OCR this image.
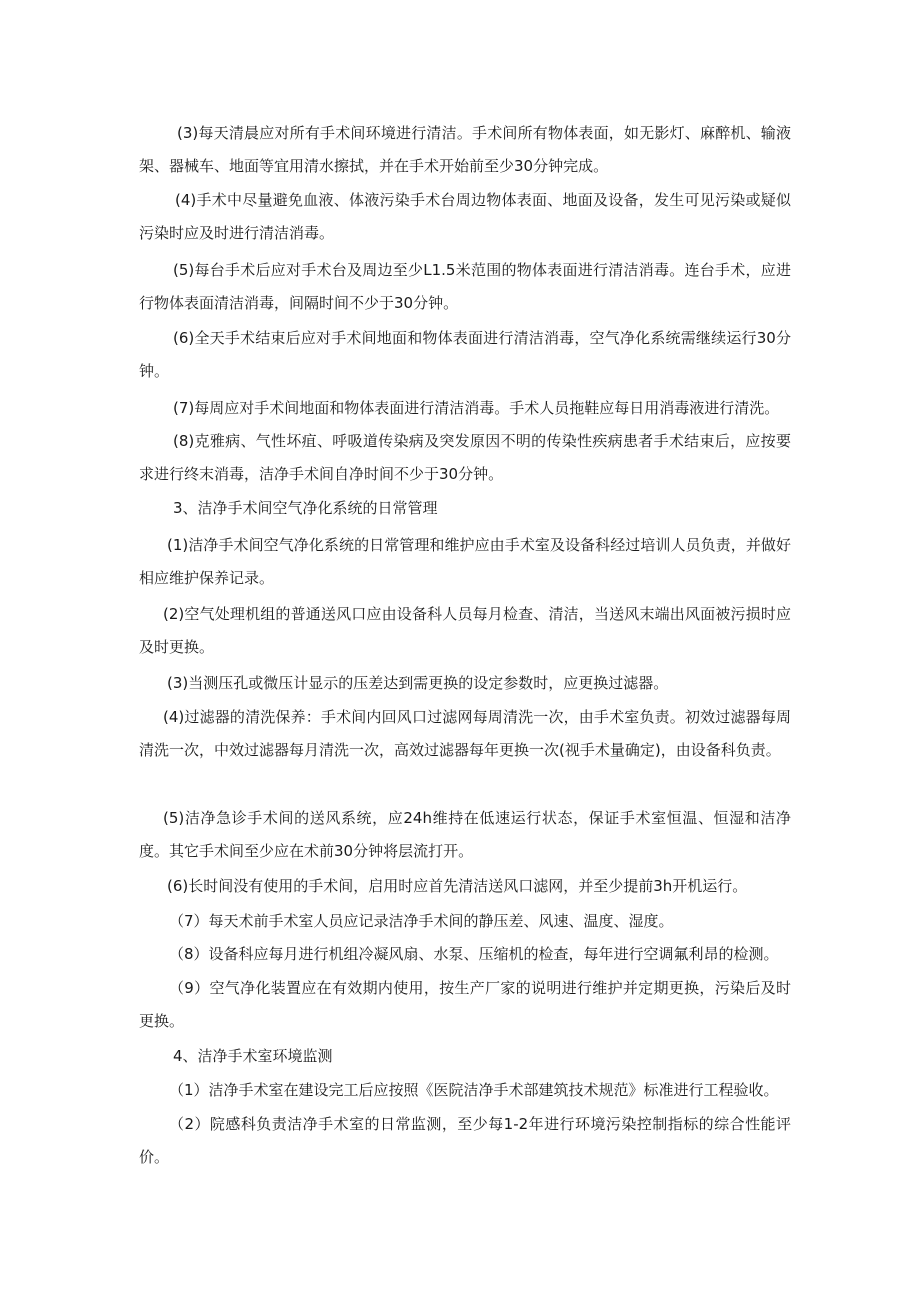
(3)每天清晨应对所有手术间环境进行清洁。手术间所有物体表面，如无影灯、麻醉机、输液架、器械车、地面等宜用清水擦拭，并在手术开始前至少30分钟完成。

(4)手术中尽量避免血液、体液污染手术台周边物体表面、地面及设备，发生可见污染或疑似污染时应及时进行清洁消毒。

(5)每台手术后应对手术台及周边至少L1.5米范围的物体表面进行清洁消毒。连台手术，应进行物体表面清洁消毒，间隔时间不少于30分钟。

(6)全天手术结束后应对手术间地面和物体表面进行清洁消毒，空气净化系统需继续运行30分钟。

(7)每周应对手术间地面和物体表面进行清洁消毒。手术人员拖鞋应每日用消毒液进行清洗。

(8)克雅病、气性坏疽、呼吸道传染病及突发原因不明的传染性疾病患者手术结束后，应按要求进行终末消毒，洁净手术间自净时间不少于30分钟。

3、洁净手术间空气净化系统的日常管理

(1)洁净手术间空气净化系统的日常管理和维护应由手术室及设备科经过培训人员负责，并做好相应维护保养记录。

(2)空气处理机组的普通送风口应由设备科人员每月检查、清洁，当送风末端出风面被污损时应及时更换。

(3)当测压孔或微压计显示的压差达到需更换的设定参数时，应更换过滤器。

(4)过滤器的清洗保养：手术间内回风口过滤网每周清洗一次，由手术室负责。初效过滤器每周清洗一次，中效过滤器每月清洗一次，高效过滤器每年更换一次(视手术量确定)，由设备科负责。

(5)洁净急诊手术间的送风系统，应24h维持在低速运行状态，保证手术室恒温、恒湿和洁净度。其它手术间至少应在术前30分钟将层流打开。

(6)长时间没有使用的手术间，启用时应首先清洁送风口滤网，并至少提前3h开机运行。

（7）每天术前手术室人员应记录洁净手术间的静压差、风速、温度、湿度。

（8）设备科应每月进行机组冷凝风扇、水泵、压缩机的检查，每年进行空调氟利昂的检测。

（9）空气净化装置应在有效期内使用，按生产厂家的说明进行维护并定期更换，污染后及时更换。

4、洁净手术室环境监测

（1）洁净手术室在建设完工后应按照《医院洁净手术部建筑技术规范》标准进行工程验收。

（2）院感科负责洁净手术室的日常监测，至少每1-2年进行环境污染控制指标的综合性能评价。
